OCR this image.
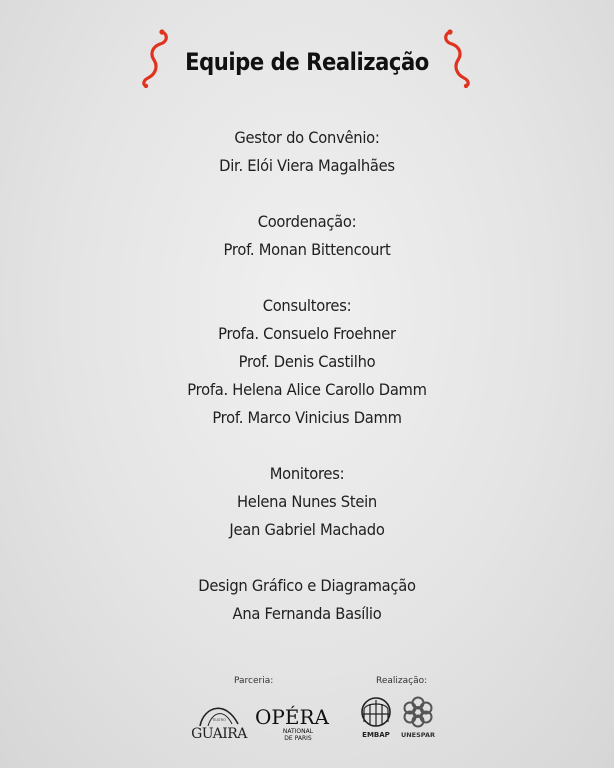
Equipe de Realização
Gestor do Convênio:
Dir. Elói Viera Magalhães
Coordenação:
Prof. Monan Bittencourt
Consultores:
Profa. Consuelo Froehner
Prof. Denis Castilho
Profa. Helena Alice Carollo Damm
Prof. Marco Vinicius Damm
Monitores:
Helena Nunes Stein
Jean Gabriel Machado
Design Gráfico e Diagramação
Ana Fernanda Basílio
Parceria:	Realização:
TEATRO
GUAIRA
OPÉRA
NATIONAL
DE PARIS	EMBAP UNESPAR
